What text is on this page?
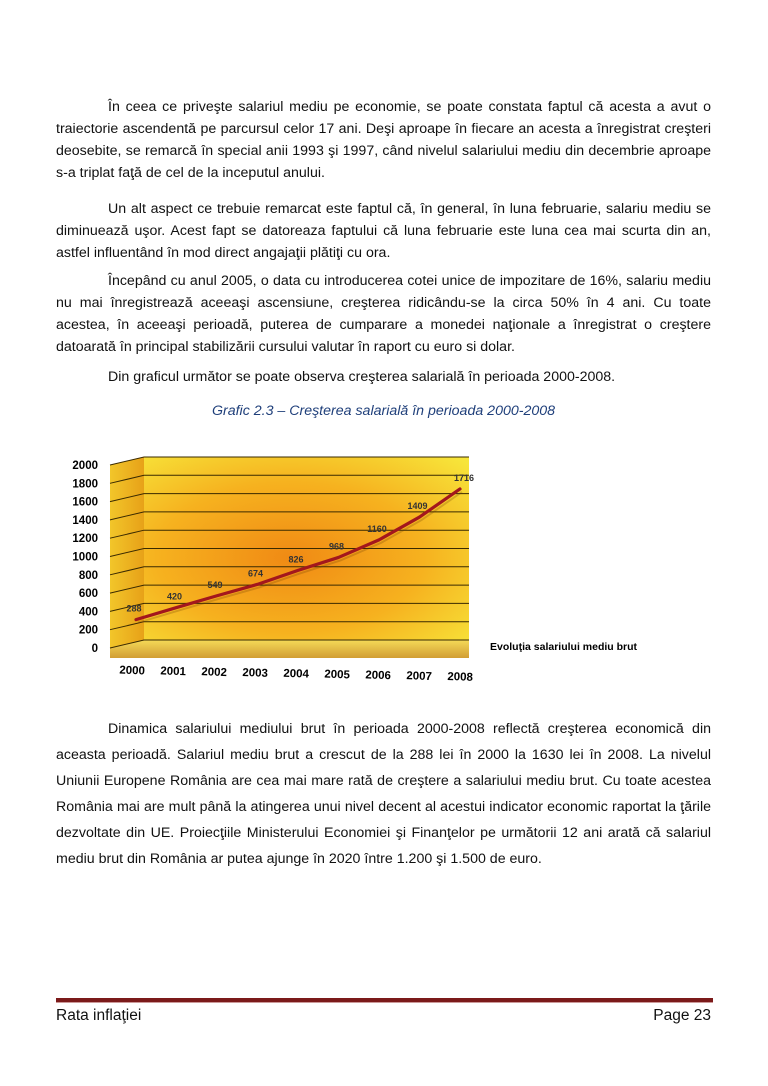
În ceea ce priveşte salariul mediu pe economie, se poate constata faptul că acesta a avut o traiectorie ascendentă pe parcursul celor 17 ani. Deşi aproape în fiecare an acesta a înregistrat creşteri deosebite, se remarcă în special anii 1993 şi 1997, când nivelul salariului mediu din decembrie aproape s-a triplat faţă de cel de la inceputul anului.

Un alt aspect ce trebuie remarcat este faptul că, în general, în luna februarie, salariu mediu se diminuează uşor. Acest fapt se datoreaza faptului că luna februarie este luna cea mai scurta din an, astfel influentând în mod direct angajaţii plătiţi cu ora.

Începând cu anul 2005, o data cu introducerea cotei unice de impozitare de 16%, salariu mediu nu mai înregistrează aceeaşi ascensiune, creşterea ridicându-se la circa 50% în 4 ani. Cu toate acestea, în aceeaşi perioadă, puterea de cumparare a monedei naţionale a înregistrat o creştere datoarată în principal stabilizării cursului valutar în raport cu euro si dolar.

Din graficul următor se poate observa creşterea salarială în perioada 2000-2008.

Grafic 2.3 – Creşterea salarială în perioada 2000-2008
2000
1800
1600
1400
1200
1000
800
600
400
200
0
288
420
549
674
826
968
1160
1409
1716
2000 2001 2002 2003 2004 2005 2006 2007 2008
Evoluţia salariului mediu brut

Dinamica salariului mediului brut în perioada 2000-2008 reflectă creşterea economică din aceasta perioadă. Salariul mediu brut a crescut de la 288 lei în 2000 la 1630 lei în 2008. La nivelul Uniunii Europene România are cea mai mare rată de creştere a salariului mediu brut. Cu toate acestea România mai are mult până la atingerea unui nivel decent al acestui indicator economic raportat la ţările dezvoltate din UE. Proiecţiile Ministerului Economiei şi Finanţelor pe următorii 12 ani arată că salariul mediu brut din România ar putea ajunge în 2020 între 1.200 şi 1.500 de euro.

Rata inflaţiei	Page 23
